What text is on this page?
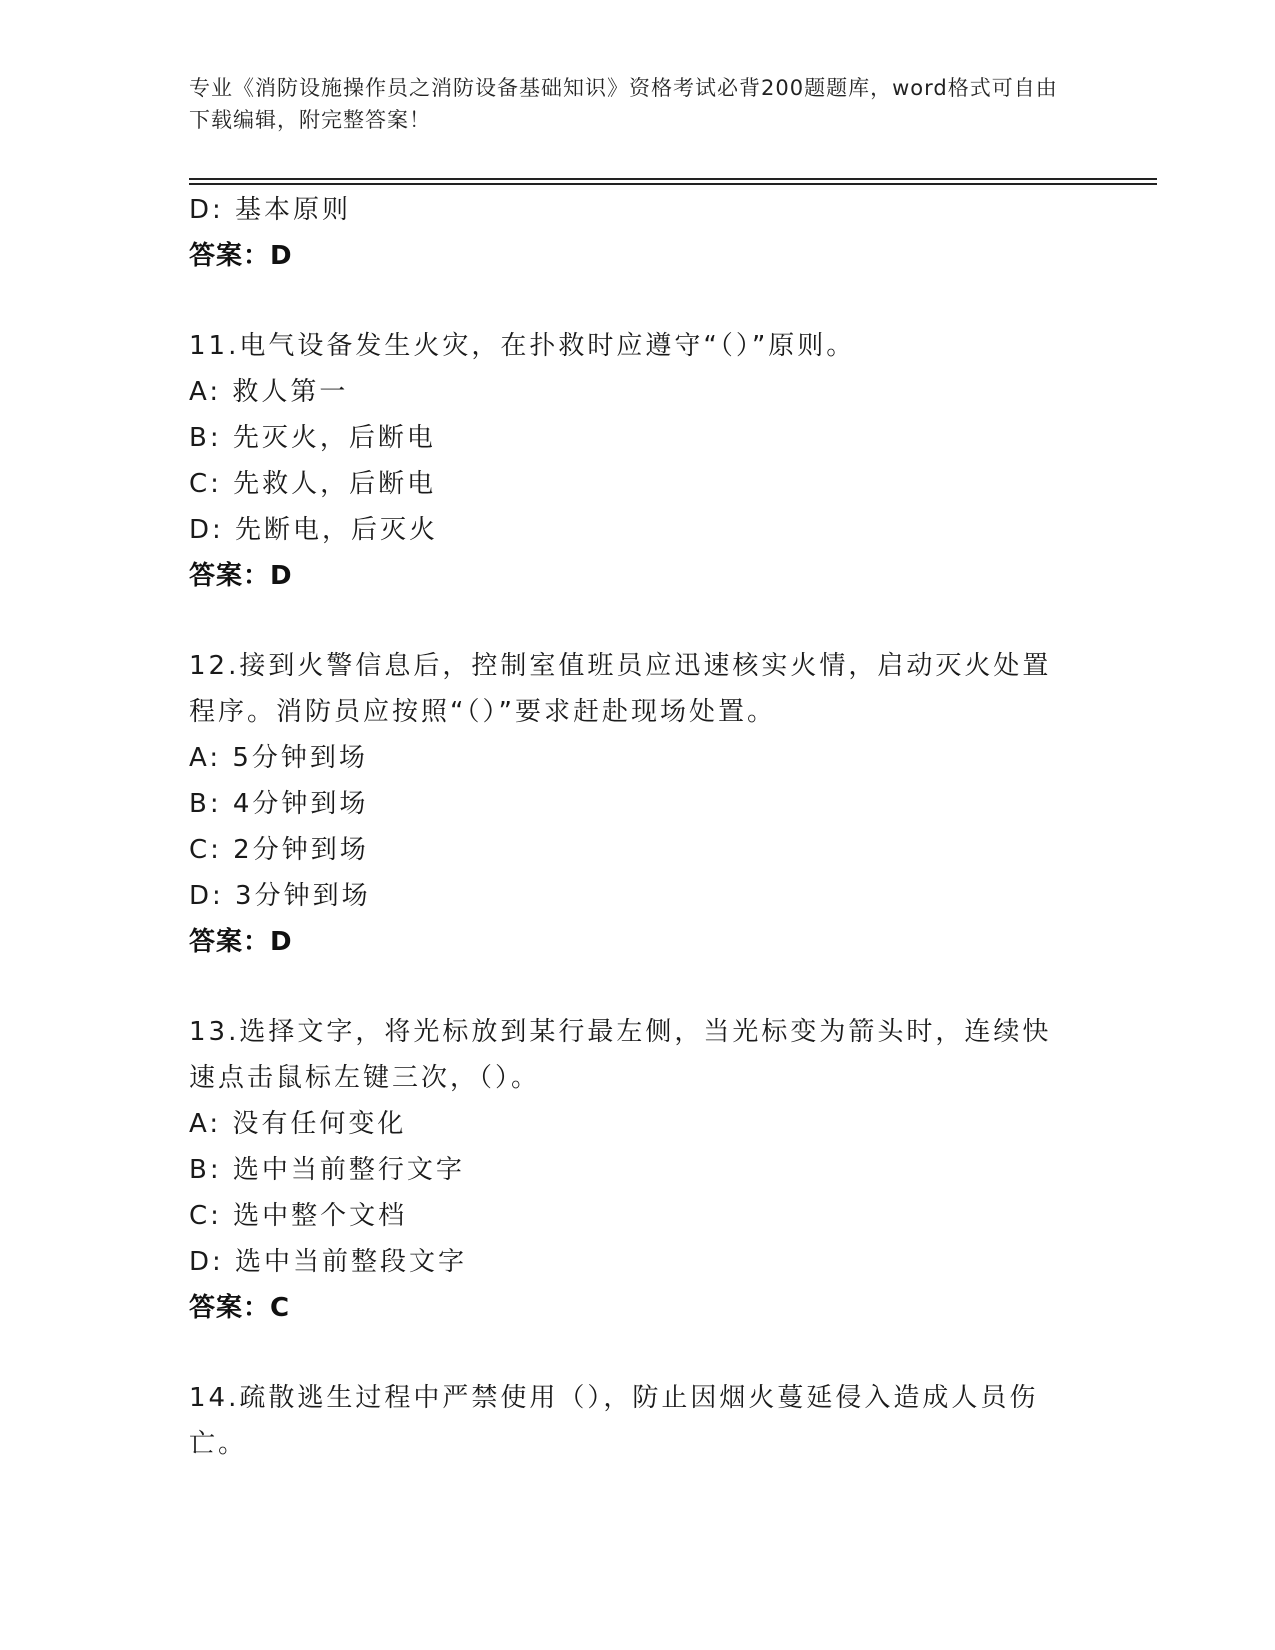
专业《消防设施操作员之消防设备基础知识》资格考试必背200题题库，word格式可自由下载编辑，附完整答案！
D: 基本原则
答案：D
11.电气设备发生火灾，在扑救时应遵守“（）”原则。
A: 救人第一
B: 先灭火，后断电
C: 先救人，后断电
D: 先断电，后灭火
答案：D
12.接到火警信息后，控制室值班员应迅速核实火情，启动灭火处置程序。消防员应按照“（）”要求赶赴现场处置。
A: 5分钟到场
B: 4分钟到场
C: 2分钟到场
D: 3分钟到场
答案：D
13.选择文字，将光标放到某行最左侧，当光标变为箭头时，连续快速点击鼠标左键三次，（）。
A: 没有任何变化
B: 选中当前整行文字
C: 选中整个文档
D: 选中当前整段文字
答案：C
14.疏散逃生过程中严禁使用（），防止因烟火蔓延侵入造成人员伤亡。
